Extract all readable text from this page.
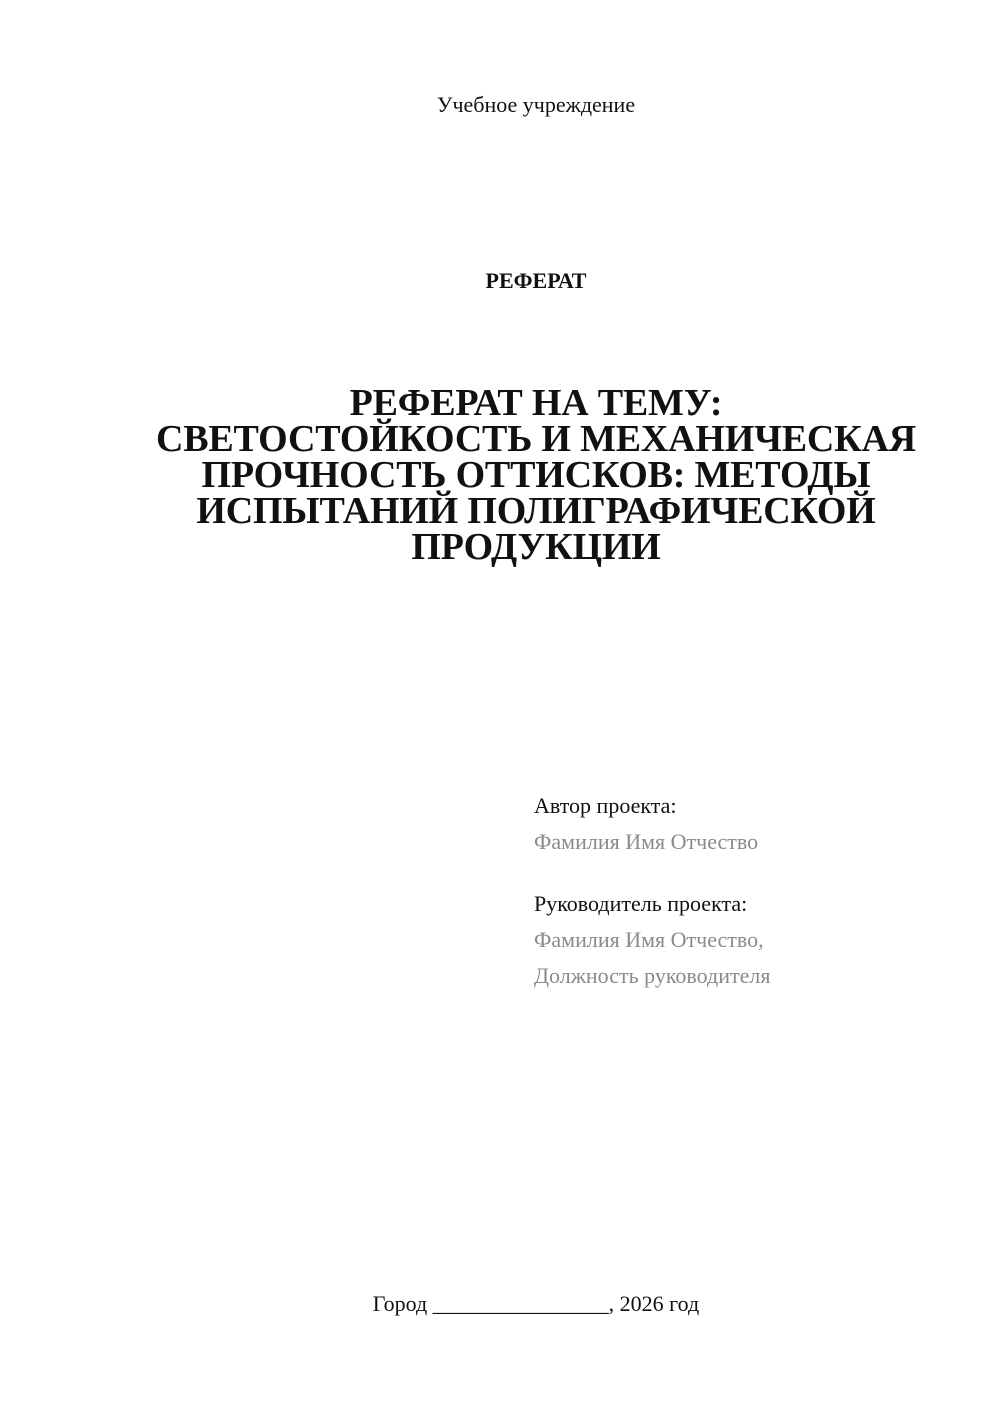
Учебное учреждение
РЕФЕРАТ
РЕФЕРАТ НА ТЕМУ:
СВЕТОСТОЙКОСТЬ И МЕХАНИЧЕСКАЯ
ПРОЧНОСТЬ ОТТИСКОВ: МЕТОДЫ
ИСПЫТАНИЙ ПОЛИГРАФИЧЕСКОЙ
ПРОДУКЦИИ
Автор проекта:
Фамилия Имя Отчество
Руководитель проекта:
Фамилия Имя Отчество,
Должность руководителя
Город ________________, 2026 год
